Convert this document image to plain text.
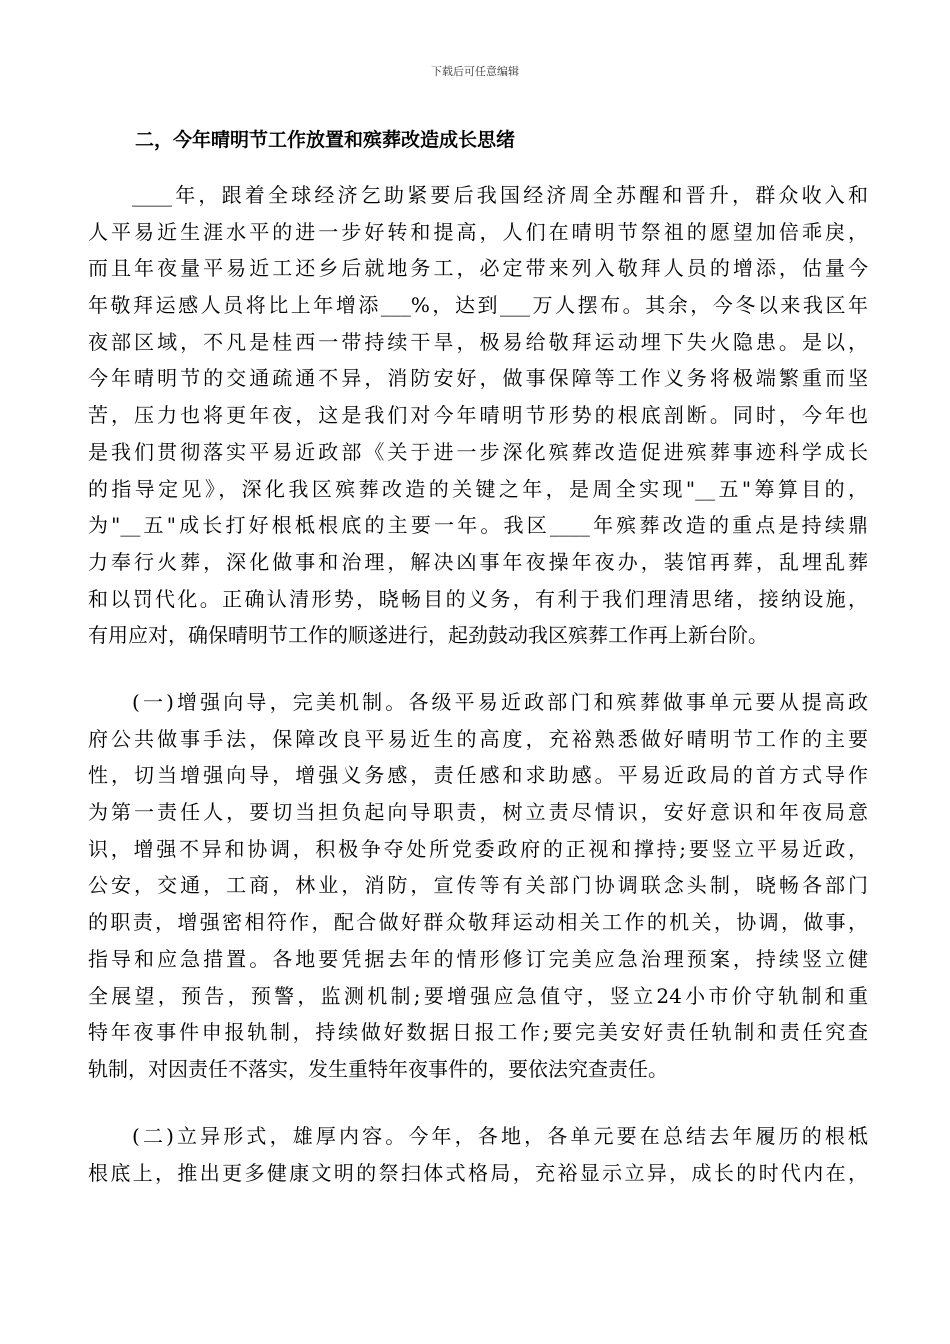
下载后可任意编辑
二，今年晴明节工作放置和殡葬改造成长思绪
____年，跟着全球经济乞助紧要后我国经济周全苏醒和晋升，群众收入和
人平易近生涯水平的进一步好转和提高，人们在晴明节祭祖的愿望加倍乖戾，
而且年夜量平易近工还乡后就地务工，必定带来列入敬拜人员的增添，估量今
年敬拜运感人员将比上年增添___%，达到___万人摆布。其余，今冬以来我区年
夜部区域，不凡是桂西一带持续干旱，极易给敬拜运动埋下失火隐患。是以，
今年晴明节的交通疏通不异，消防安好，做事保障等工作义务将极端繁重而坚
苦，压力也将更年夜，这是我们对今年晴明节形势的根底剖断。同时，今年也
是我们贯彻落实平易近政部《关于进一步深化殡葬改造促进殡葬事迹科学成长
的指导定见》，深化我区殡葬改造的关键之年，是周全实现"__五"筹算目的，
为"__五"成长打好根柢根底的主要一年。我区____年殡葬改造的重点是持续鼎
力奉行火葬，深化做事和治理，解决凶事年夜操年夜办，装馆再葬，乱埋乱葬
和以罚代化。正确认清形势，晓畅目的义务，有利于我们理清思绪，接纳设施，
有用应对，确保晴明节工作的顺遂进行，起劲鼓动我区殡葬工作再上新台阶。
(一)增强向导，完美机制。各级平易近政部门和殡葬做事单元要从提高政
府公共做事手法，保障改良平易近生的高度，充裕熟悉做好晴明节工作的主要
性，切当增强向导，增强义务感，责任感和求助感。平易近政局的首方式导作
为第一责任人，要切当担负起向导职责，树立责尽情识，安好意识和年夜局意
识，增强不异和协调，积极争夺处所党委政府的正视和撑持;要竖立平易近政，
公安，交通，工商，林业，消防，宣传等有关部门协调联念头制，晓畅各部门
的职责，增强密相符作，配合做好群众敬拜运动相关工作的机关，协调，做事，
指导和应急措置。各地要凭据去年的情形修订完美应急治理预案，持续竖立健
全展望，预告，预警，监测机制;要增强应急值守，竖立24小市价守轨制和重
特年夜事件申报轨制，持续做好数据日报工作;要完美安好责任轨制和责任究查
轨制，对因责任不落实，发生重特年夜事件的，要依法究查责任。
(二)立异形式，雄厚内容。今年，各地，各单元要在总结去年履历的根柢
根底上，推出更多健康文明的祭扫体式格局，充裕显示立异，成长的时代内在，
